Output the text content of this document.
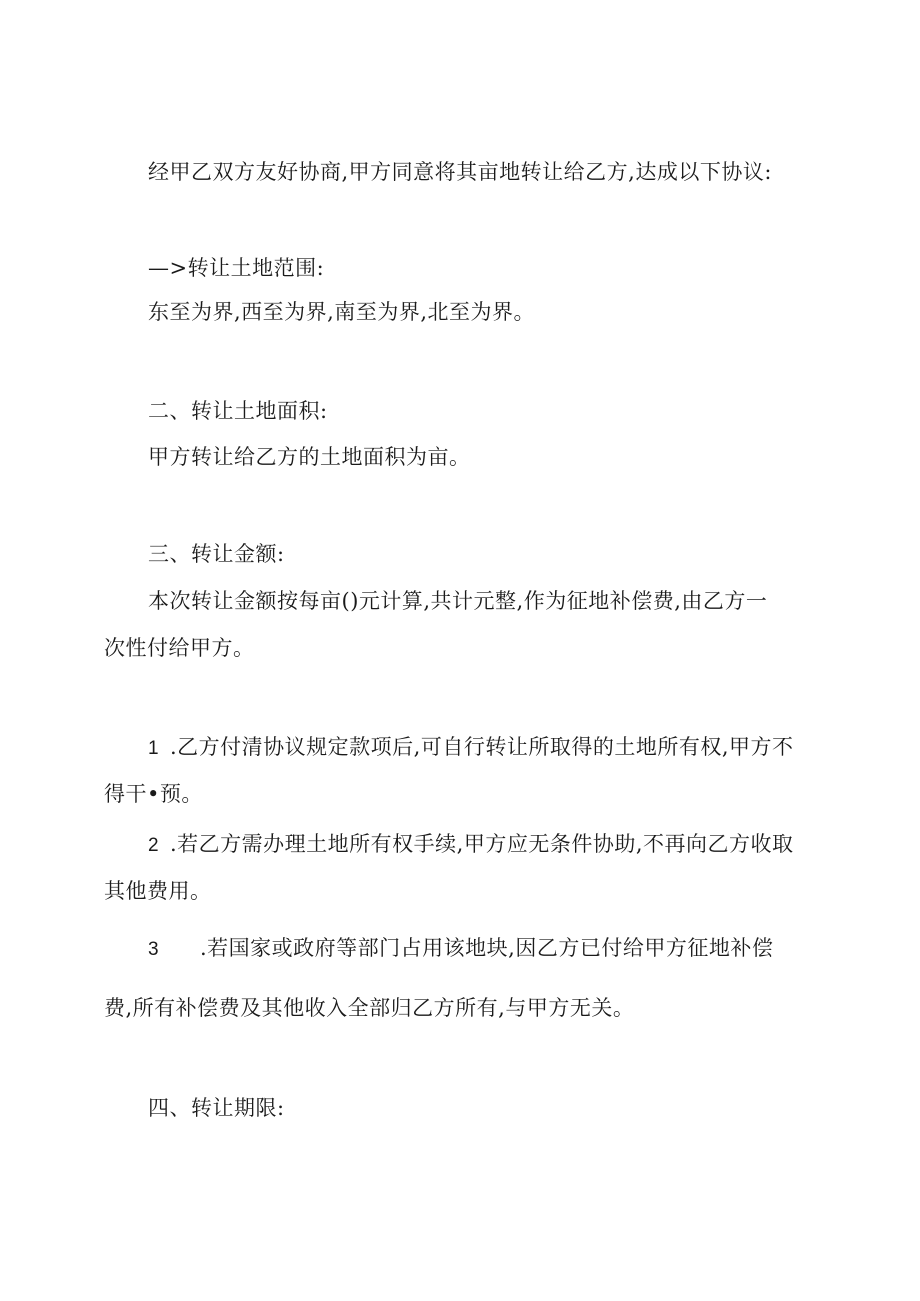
经甲乙双方友好协商,甲方同意将其亩地转让给乙方,达成以下协议:
—>转让土地范围:
东至为界,西至为界,南至为界,北至为界。
二、转让土地面积:
甲方转让给乙方的土地面积为亩。
三、转让金额:
本次转让金额按每亩()元计算,共计元整,作为征地补偿费,由乙方一
次性付给甲方。
1 .乙方付清协议规定款项后,可自行转让所取得的土地所有权,甲方不
得干•预。
2 .若乙方需办理土地所有权手续,甲方应无条件协助,不再向乙方收取
其他费用。
3 .若国家或政府等部门占用该地块,因乙方已付给甲方征地补偿
费,所有补偿费及其他收入全部归乙方所有,与甲方无关。
四、转让期限:
